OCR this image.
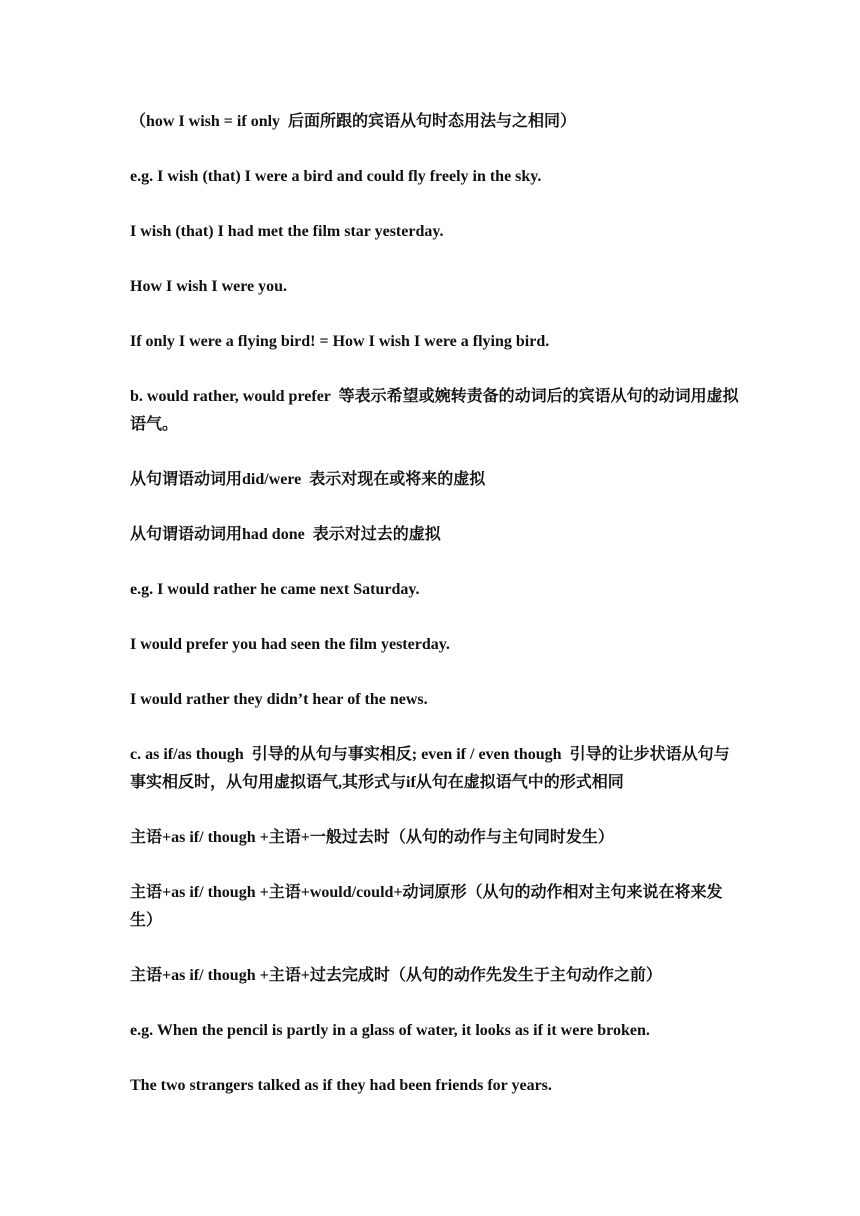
（how I wish = if only  后面所跟的宾语从句时态用法与之相同）

e.g. I wish (that) I were a bird and could fly freely in the sky.

I wish (that) I had met the film star yesterday.

How I wish I were you.

If only I were a flying bird! = How I wish I were a flying bird.

b. would rather, would prefer  等表示希望或婉转责备的动词后的宾语从句的动词用虚拟语气。

从句谓语动词用did/were  表示对现在或将来的虚拟

从句谓语动词用had done  表示对过去的虚拟

e.g. I would rather he came next Saturday.

I would prefer you had seen the film yesterday.

I would rather they didn’t hear of the news.

c. as if/as though  引导的从句与事实相反; even if / even though  引导的让步状语从句与事实相反时，从句用虚拟语气,其形式与if从句在虚拟语气中的形式相同

主语+as if/ though +主语+一般过去时（从句的动作与主句同时发生）

主语+as if/ though +主语+would/could+动词原形（从句的动作相对主句来说在将来发生）

主语+as if/ though +主语+过去完成时（从句的动作先发生于主句动作之前）

e.g. When the pencil is partly in a glass of water, it looks as if it were broken.

The two strangers talked as if they had been friends for years.
